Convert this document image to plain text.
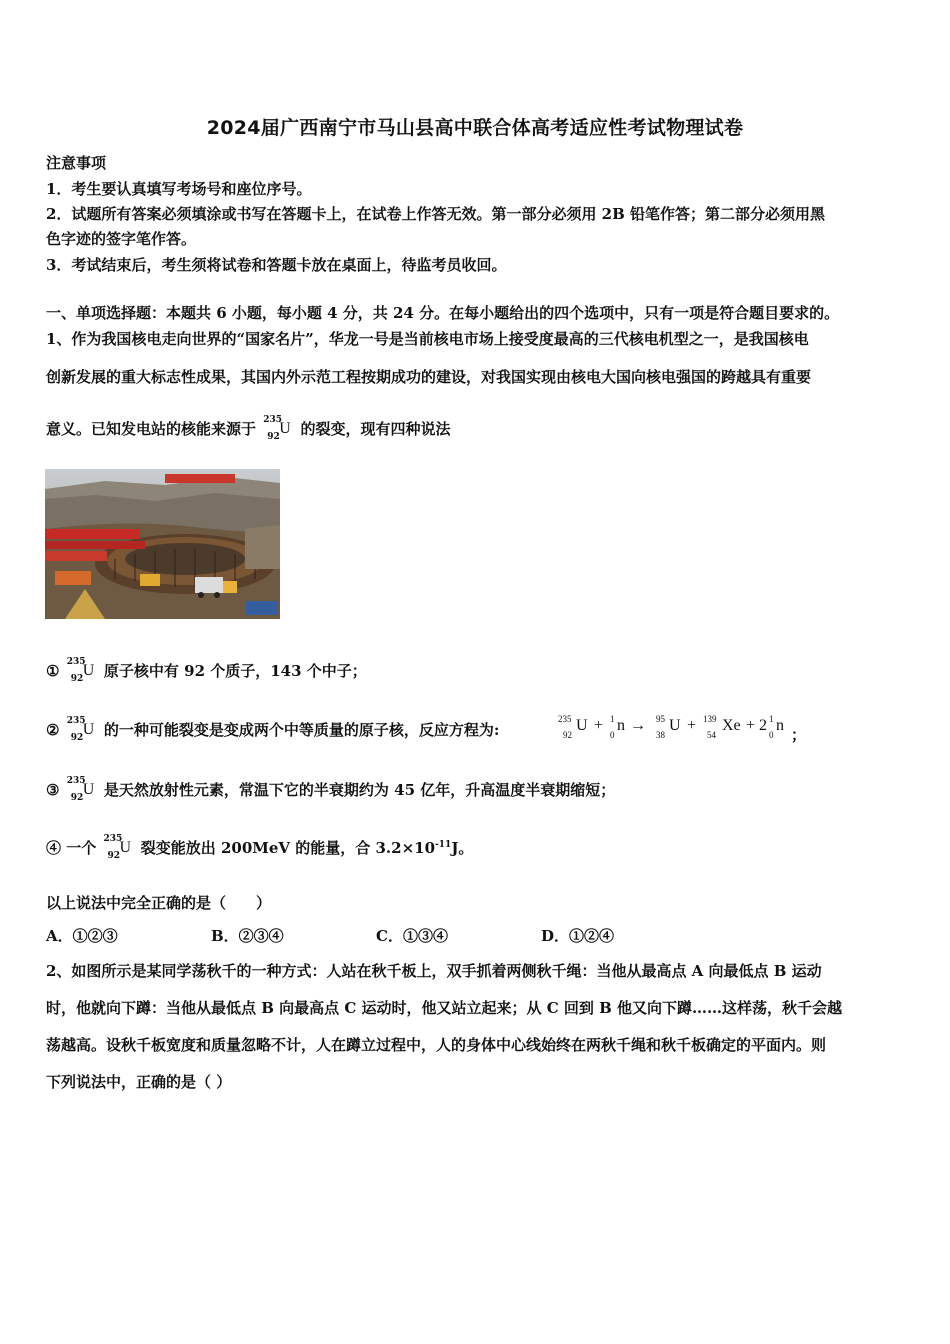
2024届广西南宁市马山县高中联合体高考适应性考试物理试卷
注意事项
1．考生要认真填写考场号和座位序号。
2．试题所有答案必须填涂或书写在答题卡上，在试卷上作答无效。第一部分必须用 2B 铅笔作答；第二部分必须用黑
色字迹的签字笔作答。
3．考试结束后，考生须将试卷和答题卡放在桌面上，待监考员收回。
一、单项选择题：本题共 6 小题，每小题 4 分，共 24 分。在每小题给出的四个选项中，只有一项是符合题目要求的。
1、作为我国核电走向世界的“国家名片”，华龙一号是当前核电市场上接受度最高的三代核电机型之一，是我国核电
创新发展的重大标志性成果，其国内外示范工程按期成功的建设，对我国实现由核电大国向核电强国的跨越具有重要
意义。已知发电站的核能来源于 235
92 U 的裂变，现有四种说法
① 235
92 U 原子核中有 92 个质子，143 个中子；
② 235
92 U 的一种可能裂变是变成两个中等质量的原子核，反应方程为:
235
92
U + 1
0
n → 95
38
U + 139
54
Xe + 2 1
0
n
；
③ 235
92 U 是天然放射性元素，常温下它的半衰期约为 45 亿年，升高温度半衰期缩短；
④ 一个 235
92 U 裂变能放出 200MeV 的能量，合 $3.2\times 10^{-11}J$。
以上说法中完全正确的是（　　）
A．①②③	B．②③④	C．①③④	D．①②④
2、如图所示是某同学荡秋千的一种方式：人站在秋千板上，双手抓着两侧秋千绳：当他从最高点 A 向最低点 B 运动
时，他就向下蹲：当他从最低点 B 向最高点 C 运动时，他又站立起来；从 C 回到 B 他又向下蹲……这样荡，秋千会越
荡越高。设秋千板宽度和质量忽略不计，人在蹲立过程中，人的身体中心线始终在两秋千绳和秋千板确定的平面内。则
下列说法中，正确的是（ ）
